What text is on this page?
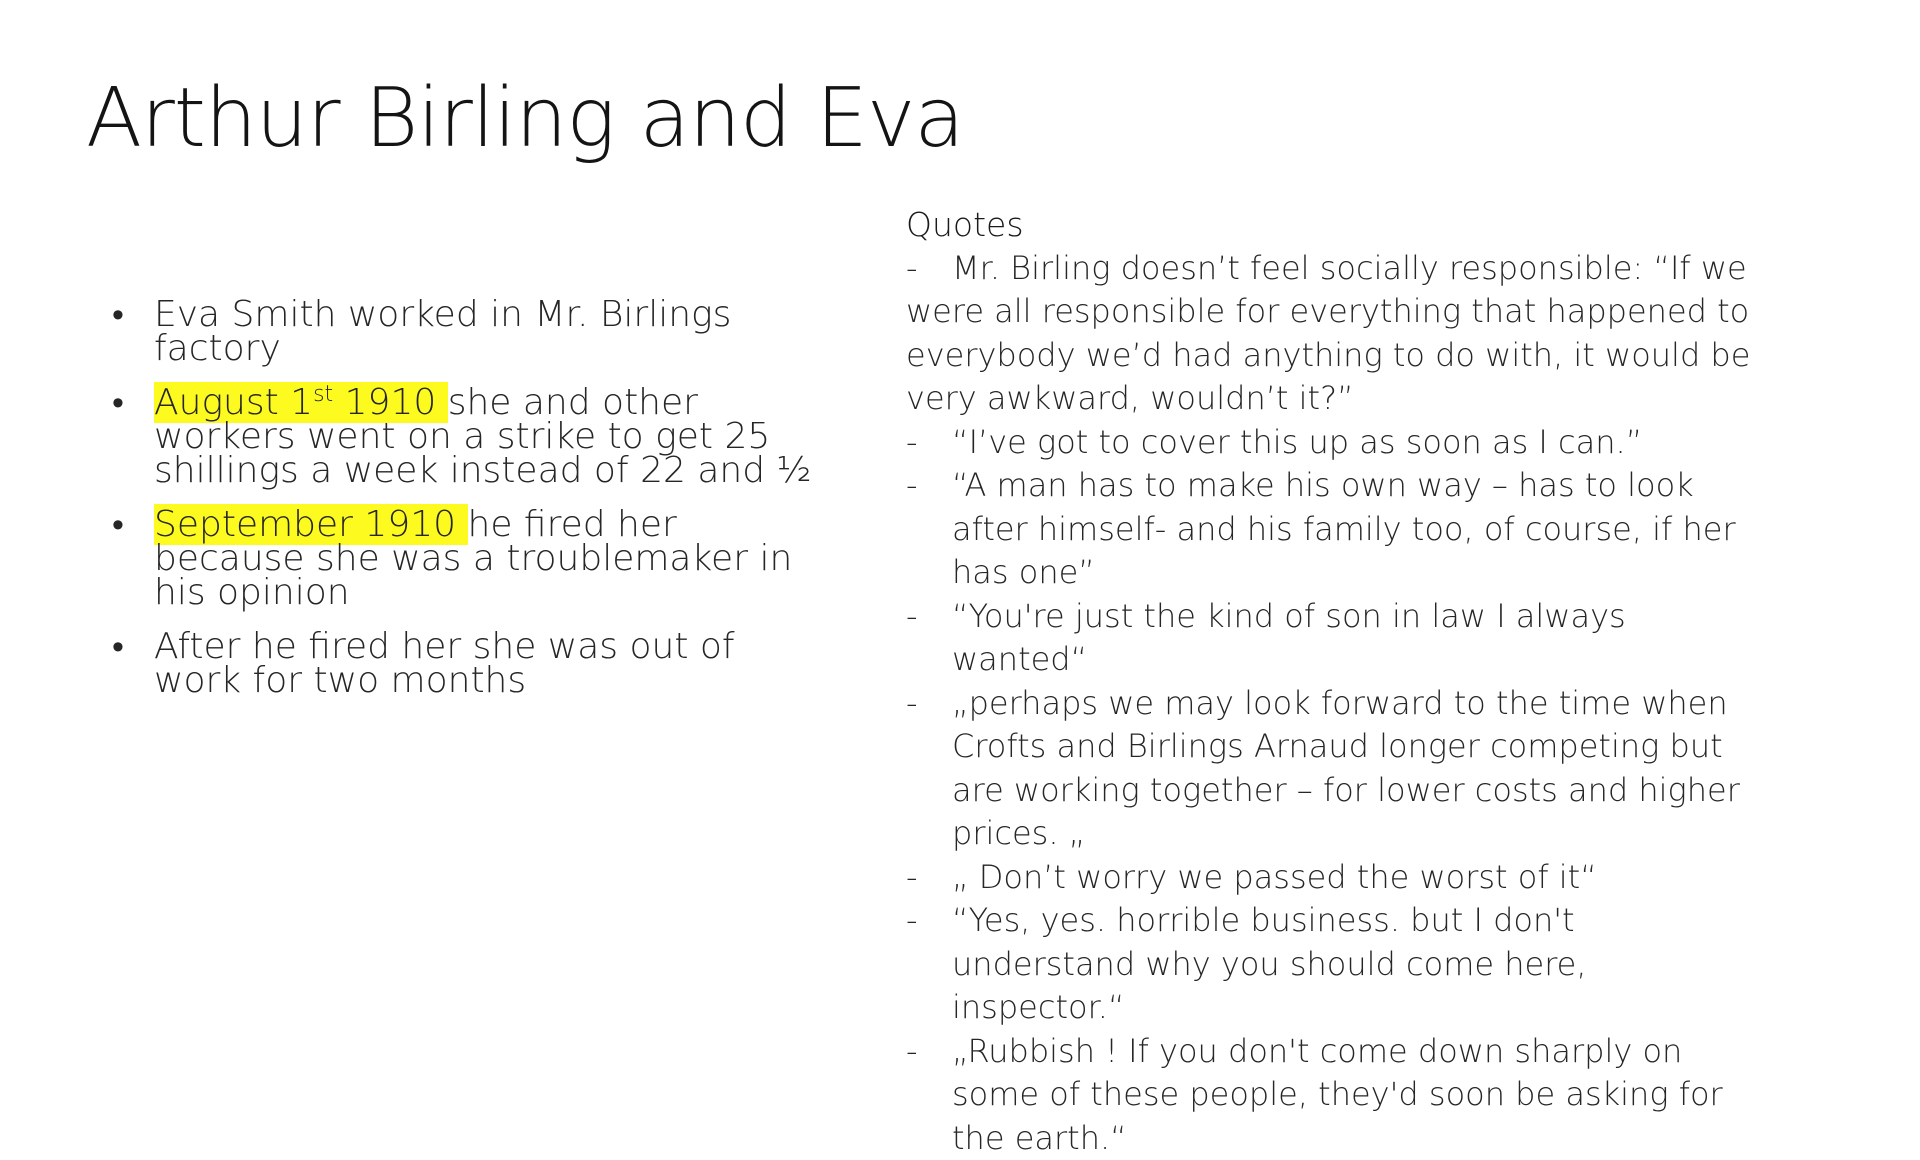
Arthur Birling and Eva
• Eva Smith worked in Mr. Birlings factory
• August 1st 1910 she and other workers went on a strike to get 25 shillings a week instead of 22 and ½
• September 1910 he fired her because she was a troublemaker in his opinion
• After he fired her she was out of work for two months
Quotes
- Mr. Birling doesn’t feel socially responsible: “If we were all responsible for everything that happened to everybody we’d had anything to do with, it would be very awkward, wouldn’t it?”
-	“I’ve got to cover this up as soon as I can.”
-	“A man has to make his own way – has to look after himself- and his family too, of course, if her has one”
-	“You're just the kind of son in law I always wanted“
-	„perhaps we may look forward to the time when Crofts and Birlings Arnaud longer competing but are working together – for lower costs and higher prices. „
-	„ Don’t worry we passed the worst of it“
-	“Yes, yes. horrible business. but I don't understand why you should come here, inspector.“
-	„Rubbish ! If you don't come down sharply on some of these people, they'd soon be asking for the earth.“
